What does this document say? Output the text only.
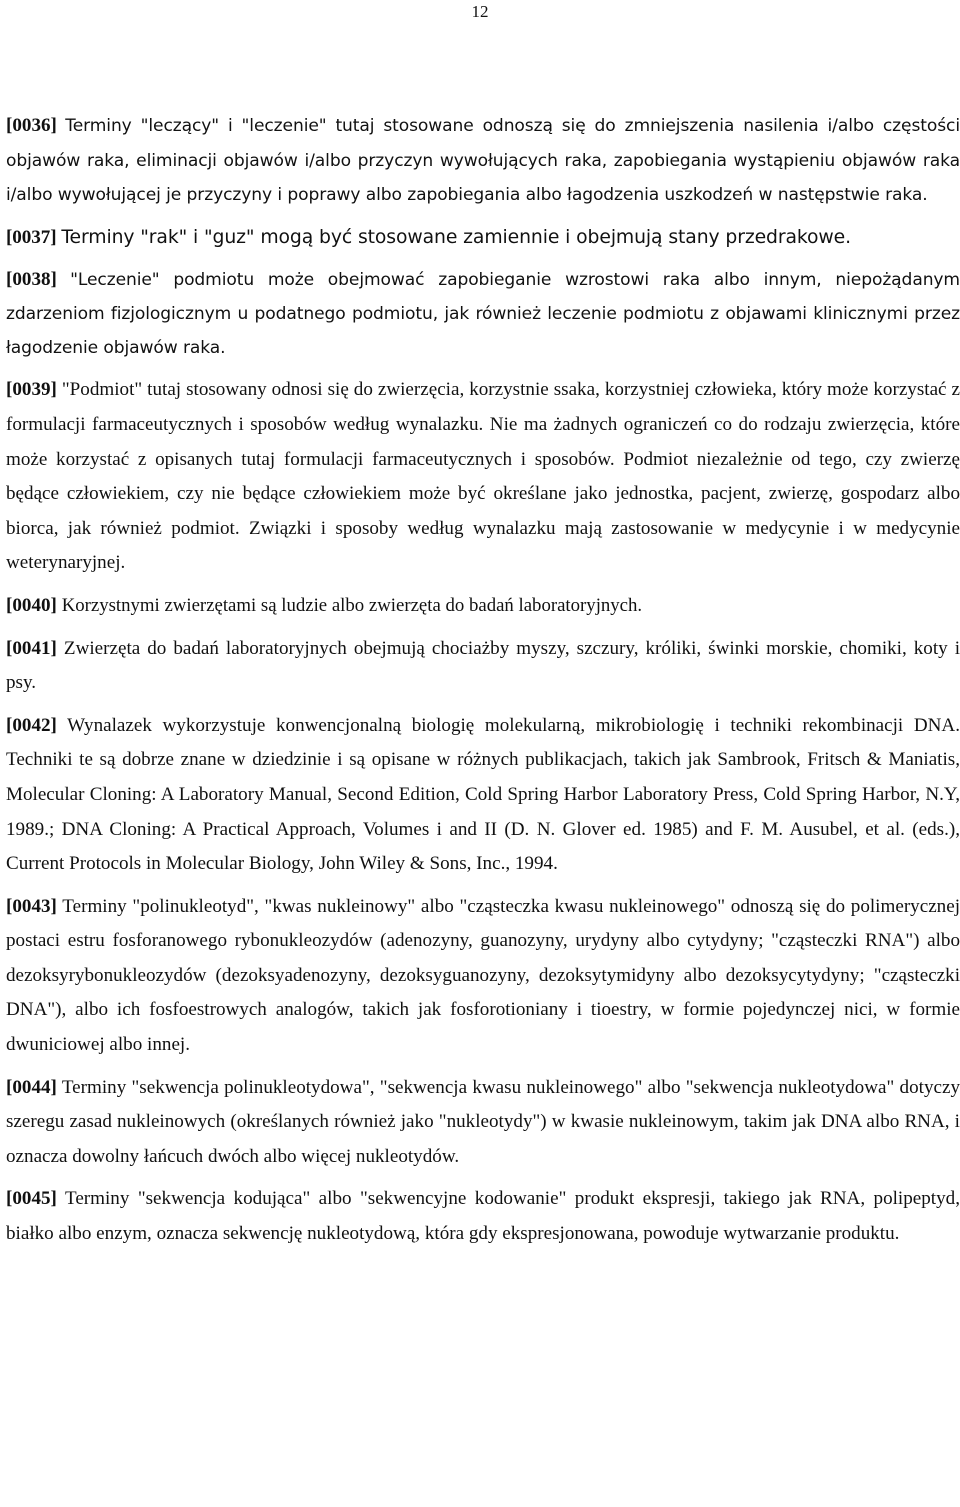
12

[0036] Terminy "leczący" i "leczenie" tutaj stosowane odnoszą się do zmniejszenia nasilenia i/albo częstości objawów raka, eliminacji objawów i/albo przyczyn wywołujących raka, zapobiegania wystąpieniu objawów raka i/albo wywołującej je przyczyny i poprawy albo zapobiegania albo łagodzenia uszkodzeń w następstwie raka.

[0037] Terminy "rak" i "guz" mogą być stosowane zamiennie i obejmują stany przedrakowe.

[0038] "Leczenie" podmiotu może obejmować zapobieganie wzrostowi raka albo innym, niepożądanym zdarzeniom fizjologicznym u podatnego podmiotu, jak również leczenie podmiotu z objawami klinicznymi przez łagodzenie objawów raka.

[0039] "Podmiot" tutaj stosowany odnosi się do zwierzęcia, korzystnie ssaka, korzystniej człowieka, który może korzystać z formulacji farmaceutycznych i sposobów według wynalazku. Nie ma żadnych ograniczeń co do rodzaju zwierzęcia, które może korzystać z opisanych tutaj formulacji farmaceutycznych i sposobów. Podmiot niezależnie od tego, czy zwierzę będące człowiekiem, czy nie będące człowiekiem może być określane jako jednostka, pacjent, zwierzę, gospodarz albo biorca, jak również podmiot. Związki i sposoby według wynalazku mają zastosowanie w medycynie i w medycynie weterynaryjnej.

[0040] Korzystnymi zwierzętami są ludzie albo zwierzęta do badań laboratoryjnych.

[0041] Zwierzęta do badań laboratoryjnych obejmują chociażby myszy, szczury, króliki, świnki morskie, chomiki, koty i psy.

[0042] Wynalazek wykorzystuje konwencjonalną biologię molekularną, mikrobiologię i techniki rekombinacji DNA. Techniki te są dobrze znane w dziedzinie i są opisane w różnych publikacjach, takich jak Sambrook, Fritsch & Maniatis, Molecular Cloning: A Laboratory Manual, Second Edition, Cold Spring Harbor Laboratory Press, Cold Spring Harbor, N.Y, 1989.; DNA Cloning: A Practical Approach, Volumes i and II (D. N. Glover ed. 1985) and F. M. Ausubel, et al. (eds.), Current Protocols in Molecular Biology, John Wiley & Sons, Inc., 1994.

[0043] Terminy "polinukleotyd", "kwas nukleinowy" albo "cząsteczka kwasu nukleinowego" odnoszą się do polimerycznej postaci estru fosforanowego rybonukleozydów (adenozyny, guanozyny, urydyny albo cytydyny; "cząsteczki RNA") albo dezoksyrybonukleozydów (dezoksyadenozyny, dezoksyguanozyny, dezoksytymidyny albo dezoksycytydyny; "cząsteczki DNA"), albo ich fosfoestrowych analogów, takich jak fosforotioniany i tioestry, w formie pojedynczej nici, w formie dwuniciowej albo innej.

[0044] Terminy "sekwencja polinukleotydowa", "sekwencja kwasu nukleinowego" albo "sekwencja nukleotydowa" dotyczy szeregu zasad nukleinowych (określanych również jako "nukleotydy") w kwasie nukleinowym, takim jak DNA albo RNA, i oznacza dowolny łańcuch dwóch albo więcej nukleotydów.

[0045] Terminy "sekwencja kodująca" albo "sekwencyjne kodowanie" produkt ekspresji, takiego jak RNA, polipeptyd, białko albo enzym, oznacza sekwencję nukleotydową, która gdy ekspresjonowana, powoduje wytwarzanie produktu.
